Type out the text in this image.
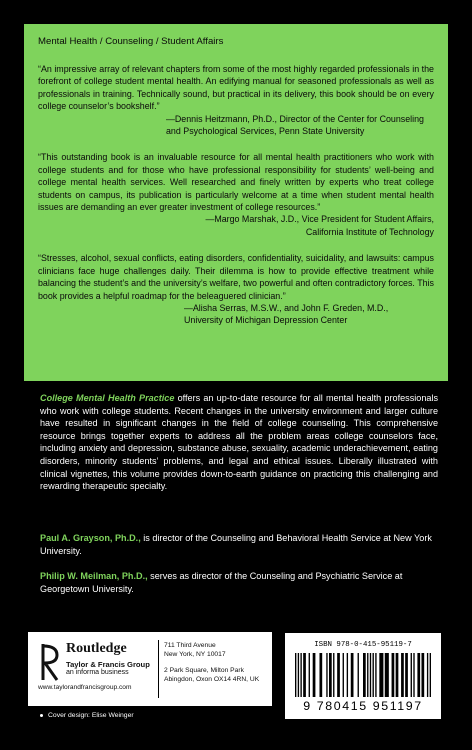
Mental Health / Counseling / Student Affairs

“An impressive array of relevant chapters from some of the most highly regarded professionals in the forefront of college student mental health. An edifying manual for seasoned professionals as well as professionals in training. Technically sound, but practical in its delivery, this book should be on every college counselor’s bookshelf.”

—Dennis Heitzmann, Ph.D., Director of the Center for Counseling

and Psychological Services, Penn State University

“This outstanding book is an invaluable resource for all mental health practitioners who work with college students and for those who have professional responsibility for students’ well-being and college mental health services. Well researched and finely written by experts who treat college students on campus, its publication is particularly welcome at a time when student mental health issues are demanding an ever greater investment of college resources.”

—Margo Marshak, J.D., Vice President for Student Affairs,

California Institute of Technology

“Stresses, alcohol, sexual conflicts, eating disorders, confidentiality, suicidality, and lawsuits: campus clinicians face huge challenges daily. Their dilemma is how to provide effective treatment while balancing the student’s and the university’s welfare, two powerful and often contradictory forces. This book provides a helpful roadmap for the beleaguered clinician.”

—Alisha Serras, M.S.W., and John F. Greden, M.D.,

University of Michigan Depression Center

College Mental Health Practice offers an up-to-date resource for all mental health professionals who work with college students. Recent changes in the university environment and larger culture have resulted in significant changes in the field of college counseling. This comprehensive resource brings together experts to address all the problem areas college counselors face, including anxiety and depression, substance abuse, sexuality, academic underachievement, eating disorders, minority students’ problems, and legal and ethical issues. Liberally illustrated with clinical vignettes, this volume provides down-to-earth guidance on practicing this challenging and rewarding therapeutic specialty.

Paul A. Grayson, Ph.D., is director of the Counseling and Behavioral Health Service at New York University.

Philip W. Meilman, Ph.D., serves as director of the Counseling and Psychiatric Service at Georgetown University.

Routledge
Taylor & Francis Group
an informa business
www.taylorandfrancisgroup.com
711 Third Avenue
New York, NY 10017
2 Park Square, Milton Park
Abingdon, Oxon OX14 4RN, UK
ISBN 978-0-415-95119-7
9 780415 951197
Cover design: Elise Weinger
